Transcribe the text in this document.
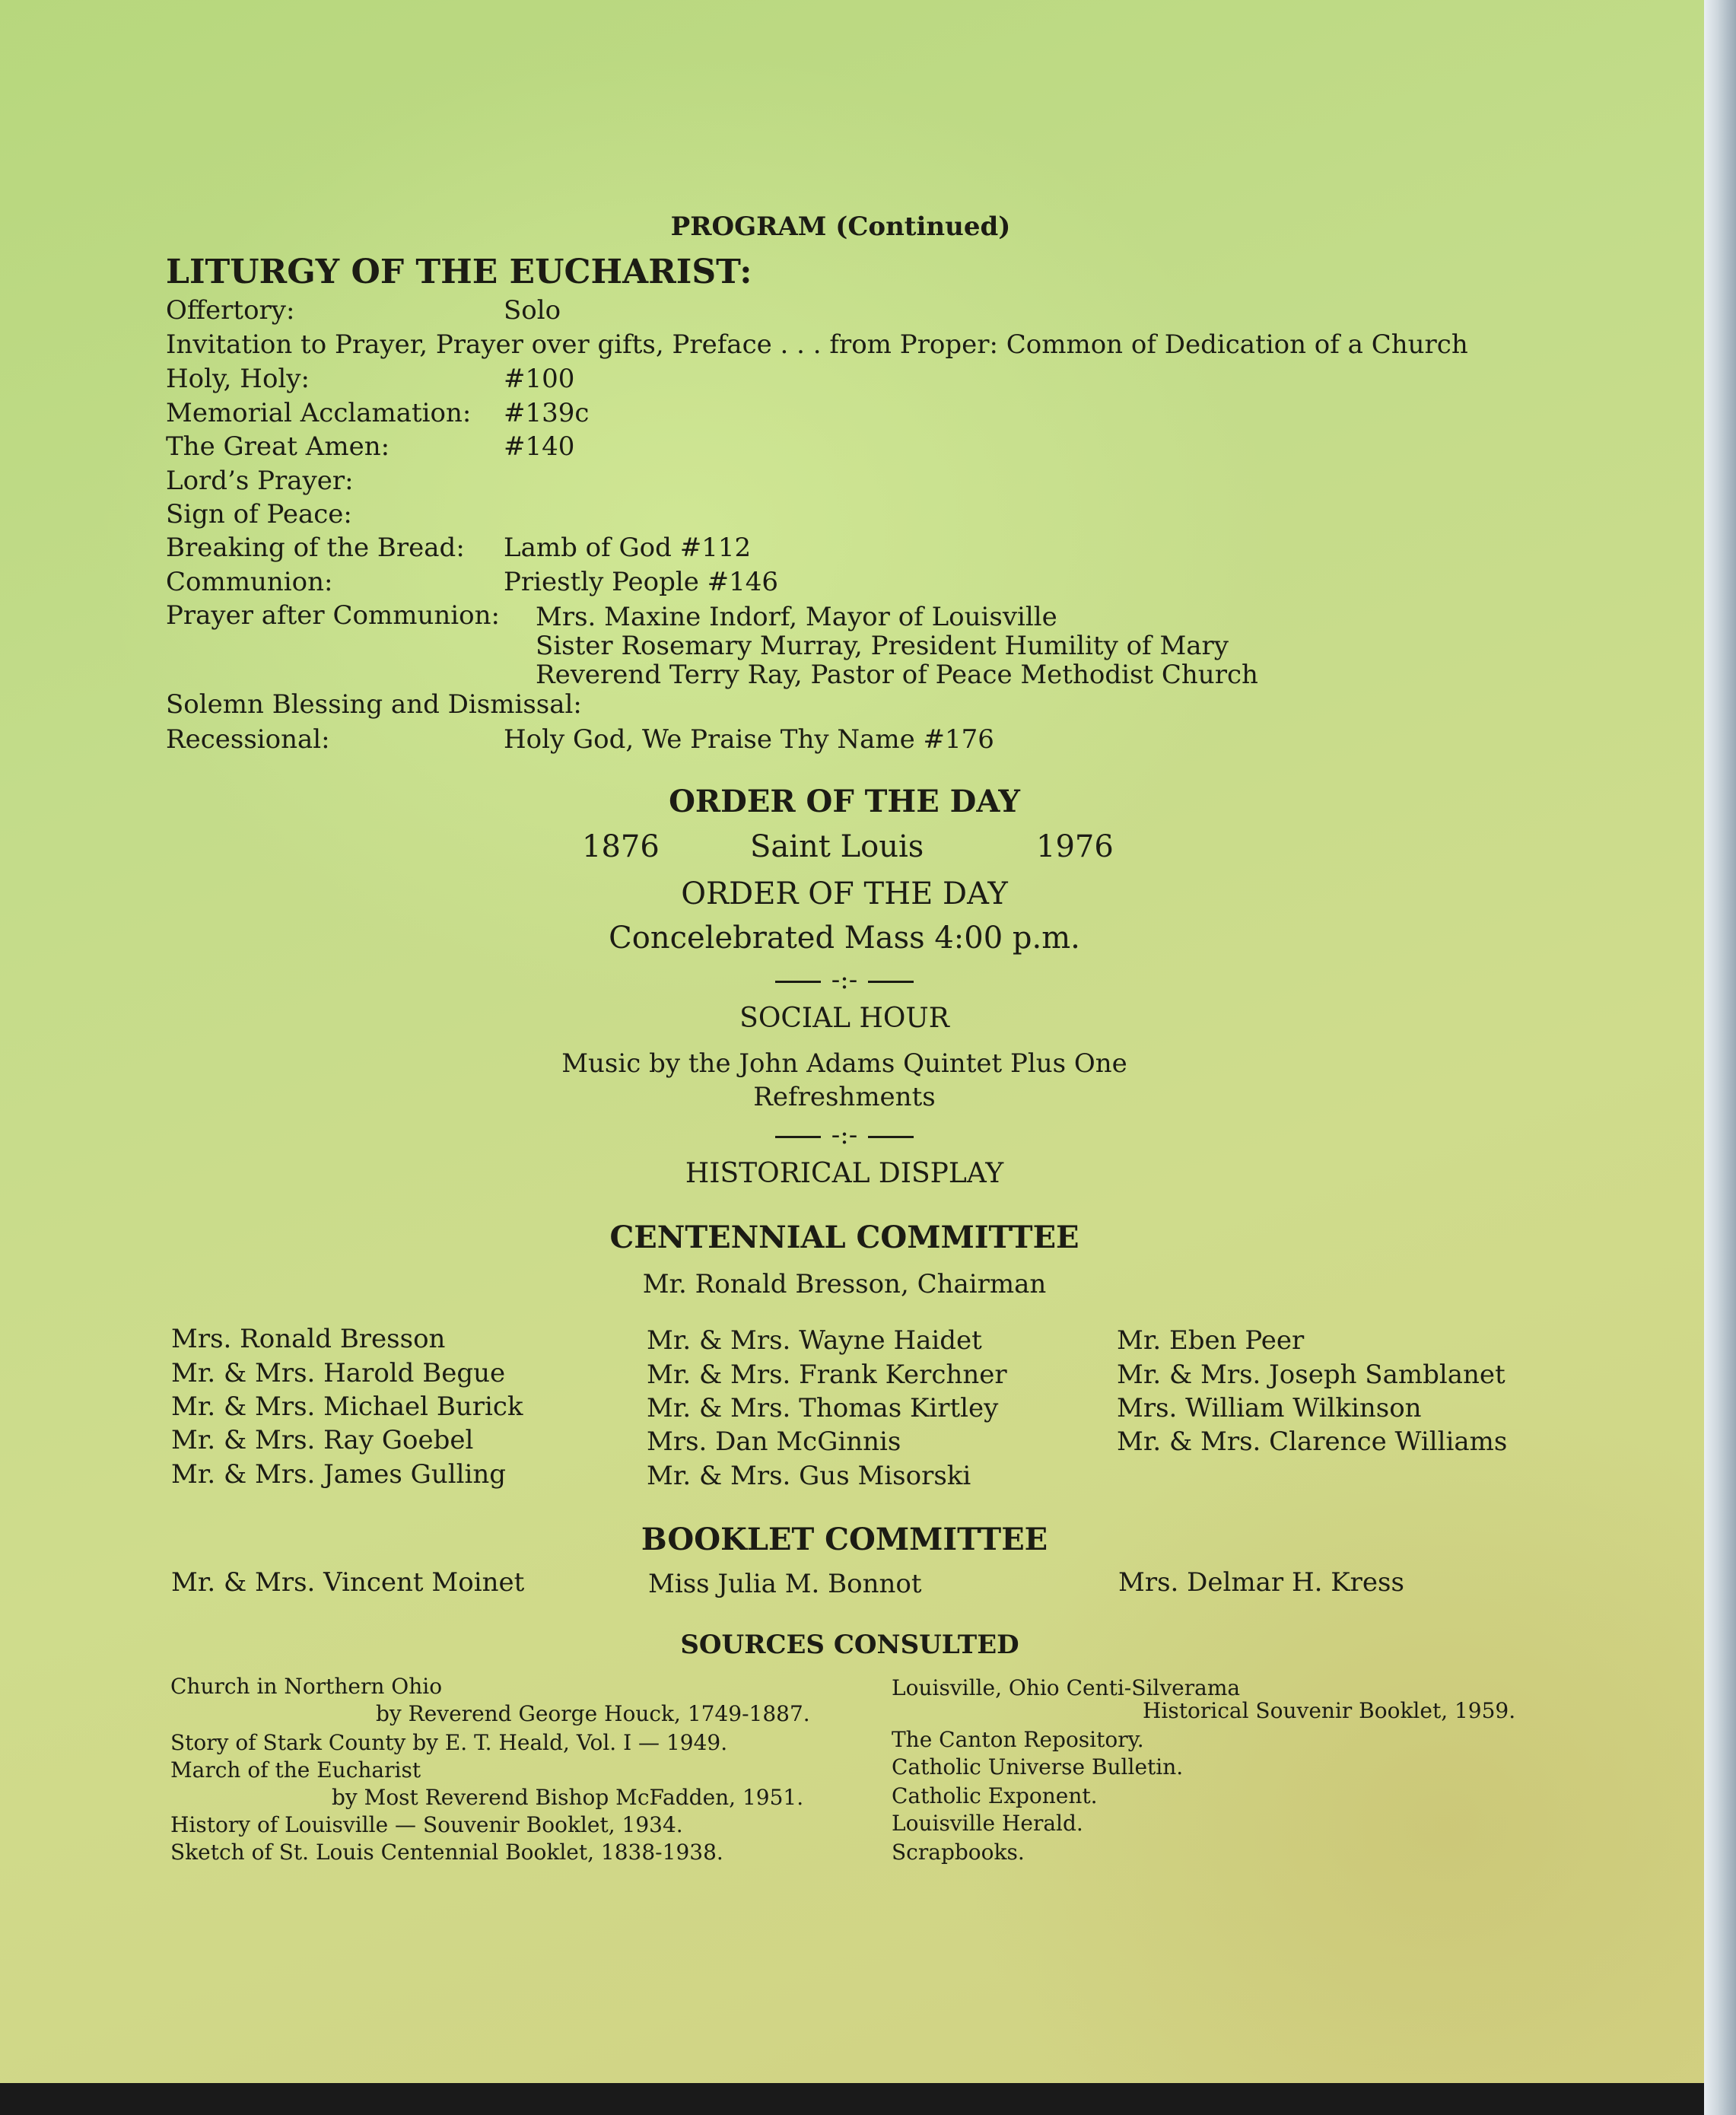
PROGRAM (Continued)
LITURGY OF THE EUCHARIST:
Offertory:	Solo
Invitation to Prayer, Prayer over gifts, Preface . . . from Proper: Common of Dedication of a Church
Holy, Holy:	#100
Memorial Acclamation: #139c
The Great Amen:	#140
Lord’s Prayer:
Sign of Peace:
Breaking of the Bread: Lamb of God #112
Communion:	Priestly People #146
Prayer after Communion: Mrs. Maxine Indorf, Mayor of Louisville
Sister Rosemary Murray, President Humility of Mary
Reverend Terry Ray, Pastor of Peace Methodist Church
Solemn Blessing and Dismissal:
Recessional:	Holy God, We Praise Thy Name #176
ORDER OF THE DAY
1876	Saint Louis	1976
ORDER OF THE DAY
Concelebrated Mass 4:00 p.m.
-:-
SOCIAL HOUR
Music by the John Adams Quintet Plus One
Refreshments
-:-
HISTORICAL DISPLAY
CENTENNIAL COMMITTEE
Mr. Ronald Bresson, Chairman
Mrs. Ronald Bresson
Mr. & Mrs. Harold Begue
Mr. & Mrs. Michael Burick
Mr. & Mrs. Ray Goebel
Mr. & Mrs. James Gulling
Mr. & Mrs. Wayne Haidet
Mr. & Mrs. Frank Kerchner
Mr. & Mrs. Thomas Kirtley
Mrs. Dan McGinnis
Mr. & Mrs. Gus Misorski
Mr. Eben Peer
Mr. & Mrs. Joseph Samblanet
Mrs. William Wilkinson
Mr. & Mrs. Clarence Williams
BOOKLET COMMITTEE
Mr. & Mrs. Vincent Moinet	Miss Julia M. Bonnot	Mrs. Delmar H. Kress
SOURCES CONSULTED
Church in Northern Ohio
by Reverend George Houck, 1749-1887.
Story of Stark County by E. T. Heald, Vol. I — 1949.
March of the Eucharist
by Most Reverend Bishop McFadden, 1951.
History of Louisville — Souvenir Booklet, 1934.
Sketch of St. Louis Centennial Booklet, 1838-1938.
Louisville, Ohio Centi-Silverama
Historical Souvenir Booklet, 1959.
The Canton Repository.
Catholic Universe Bulletin.
Catholic Exponent.
Louisville Herald.
Scrapbooks.
